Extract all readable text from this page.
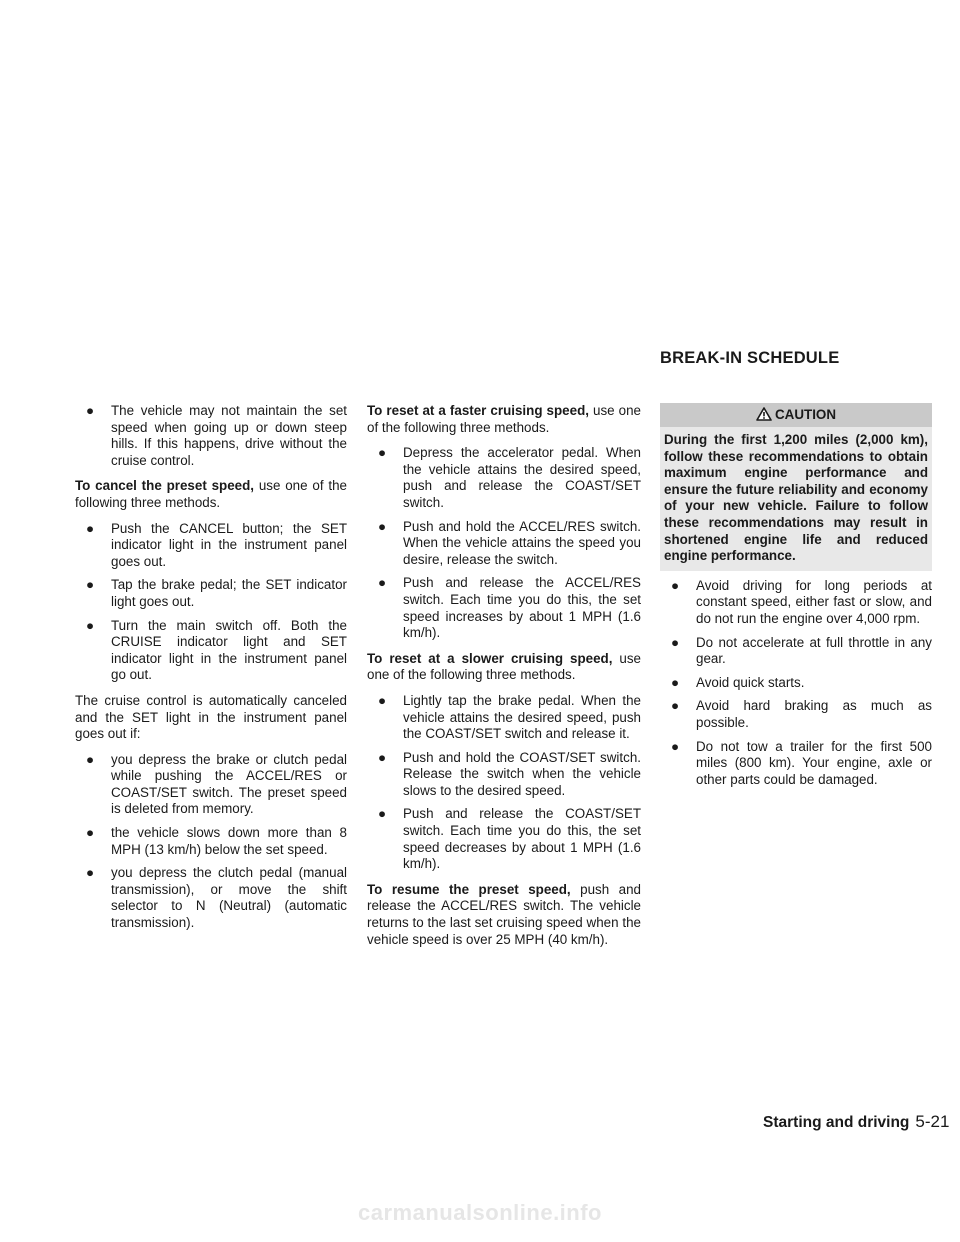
BREAK-IN SCHEDULE
● The vehicle may not maintain the set speed when going up or down steep hills. If this happens, drive without the cruise control.

To cancel the preset speed, use one of the following three methods.

● Push the CANCEL button; the SET indicator light in the instrument panel goes out.
● Tap the brake pedal; the SET indicator light goes out.
● Turn the main switch off. Both the CRUISE indicator light and SET indicator light in the instrument panel go out.

The cruise control is automatically canceled and the SET light in the instrument panel goes out if:

● you depress the brake or clutch pedal while pushing the ACCEL/RES or COAST/SET switch. The preset speed is deleted from memory.
● the vehicle slows down more than 8 MPH (13 km/h) below the set speed.
● you depress the clutch pedal (manual transmission), or move the shift selector to N (Neutral) (automatic transmission).

To reset at a faster cruising speed, use one of the following three methods.

● Depress the accelerator pedal. When the vehicle attains the desired speed, push and release the COAST/SET switch.
● Push and hold the ACCEL/RES switch. When the vehicle attains the speed you desire, release the switch.
● Push and release the ACCEL/RES switch. Each time you do this, the set speed increases by about 1 MPH (1.6 km/h).

To reset at a slower cruising speed, use one of the following three methods.

● Lightly tap the brake pedal. When the vehicle attains the desired speed, push the COAST/SET switch and release it.
● Push and hold the COAST/SET switch. Release the switch when the vehicle slows to the desired speed.
● Push and release the COAST/SET switch. Each time you do this, the set speed decreases by about 1 MPH (1.6 km/h).

To resume the preset speed, push and release the ACCEL/RES switch. The vehicle returns to the last set cruising speed when the vehicle speed is over 25 MPH (40 km/h).

CAUTION
During the first 1,200 miles (2,000 km), follow these recommendations to obtain maximum engine performance and ensure the future reliability and economy of your new vehicle. Failure to follow these recommendations may result in shortened engine life and reduced engine performance.
● Avoid driving for long periods at constant speed, either fast or slow, and do not run the engine over 4,000 rpm.
● Do not accelerate at full throttle in any gear.
● Avoid quick starts.
● Avoid hard braking as much as possible.
● Do not tow a trailer for the first 500 miles (800 km). Your engine, axle or other parts could be damaged.
Starting and driving 5-21
carmanualsonline.info
